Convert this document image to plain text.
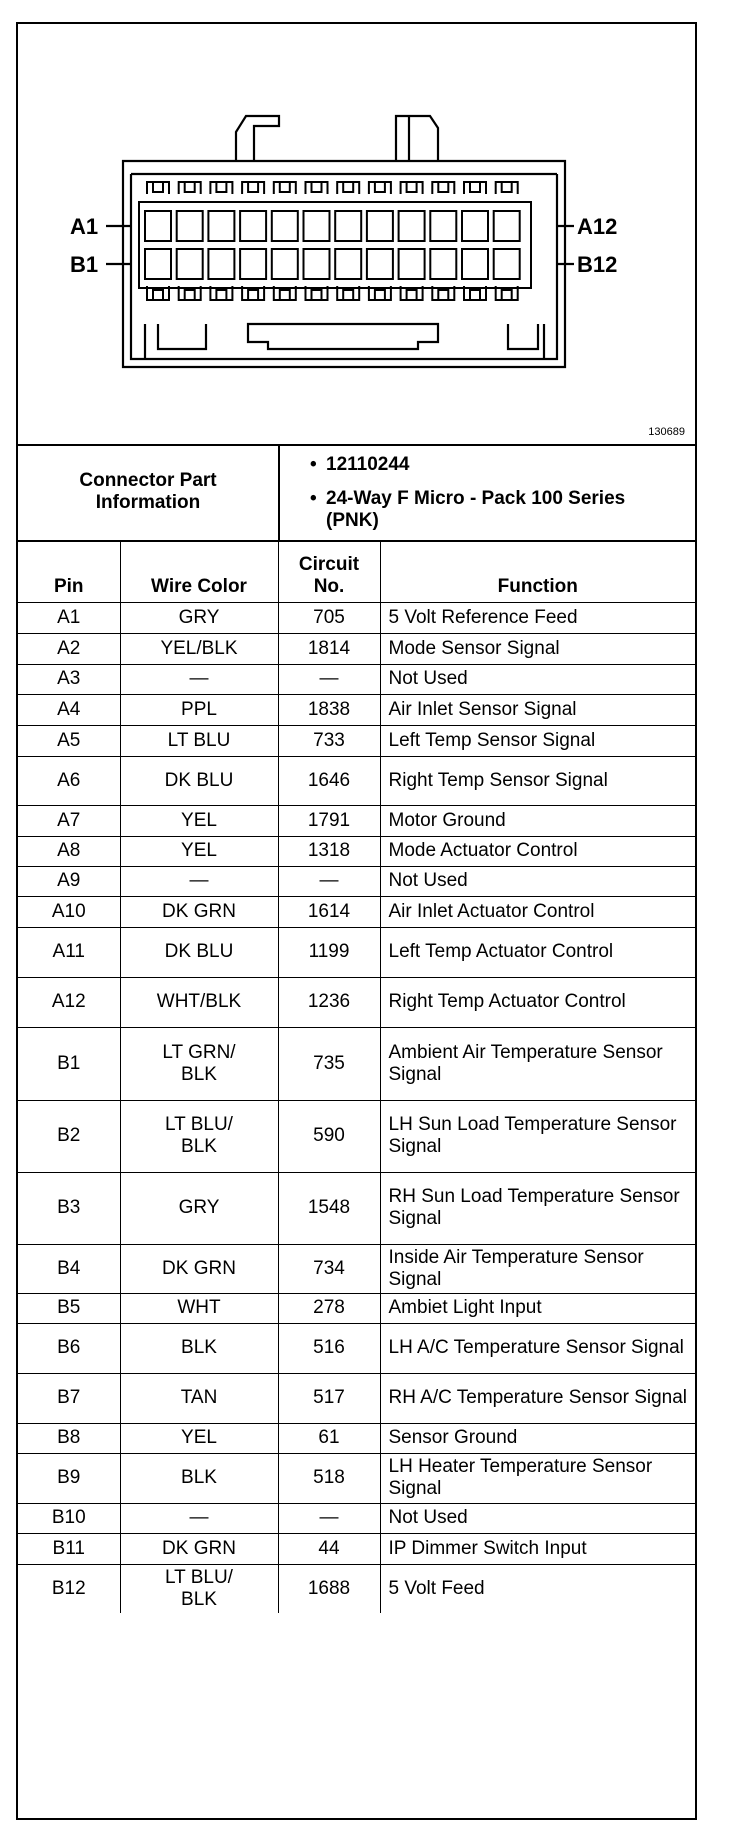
A1
B1
A12
B12
130689
Connector Part Information
• 12110244
• 24-Way F Micro - Pack 100 Series (PNK)
Pin	Wire Color	Circuit No.	Function
A1	GRY	705	5 Volt Reference Feed
A2	YEL/BLK	1814	Mode Sensor Signal
A3	—	—	Not Used
A4	PPL	1838	Air Inlet Sensor Signal
A5	LT BLU	733	Left Temp Sensor Signal
A6	DK BLU	1646	Right Temp Sensor Signal
A7	YEL	1791	Motor Ground
A8	YEL	1318	Mode Actuator Control
A9	—	—	Not Used
A10	DK GRN	1614	Air Inlet Actuator Control
A11	DK BLU	1199	Left Temp Actuator Control
A12	WHT/BLK	1236	Right Temp Actuator Control
B1	LT GRN/ BLK	735	Ambient Air Temperature Sensor Signal
B2	LT BLU/ BLK	590	LH Sun Load Temperature Sensor Signal
B3	GRY	1548	RH Sun Load Temperature Sensor Signal
B4	DK GRN	734	Inside Air Temperature Sensor Signal
B5	WHT	278	Ambiet Light Input
B6	BLK	516	LH A/C Temperature Sensor Signal
B7	TAN	517	RH A/C Temperature Sensor Signal
B8	YEL	61	Sensor Ground
B9	BLK	518	LH Heater Temperature Sensor Signal
B10	—	—	Not Used
B11	DK GRN	44	IP Dimmer Switch Input
B12	LT BLU/ BLK	1688	5 Volt Feed
